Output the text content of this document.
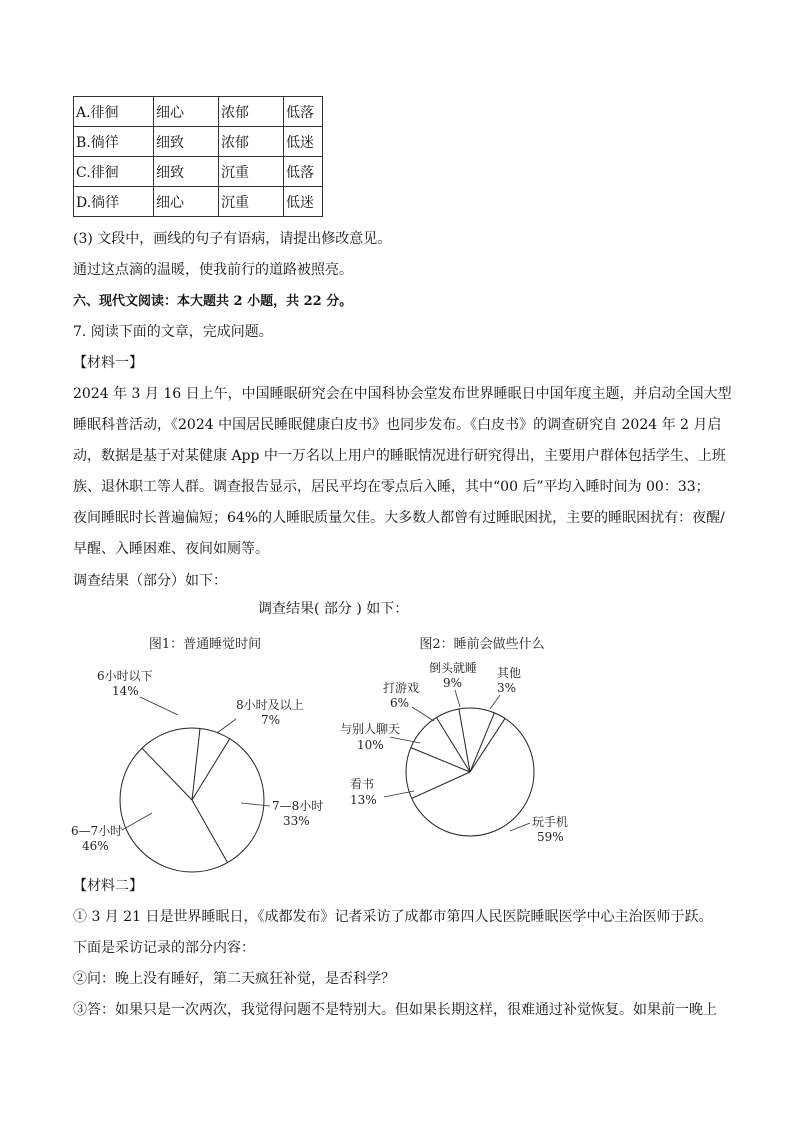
A.徘徊	细心	浓郁	低落
B.徜徉	细致	浓郁	低迷
C.徘徊	细致	沉重	低落
D.徜徉	细心	沉重	低迷
(3) 文段中，画线的句子有语病，请提出修改意见。
通过这点滴的温暖，使我前行的道路被照亮。
六、现代文阅读：本大题共 2 小题，共 22 分。
7. 阅读下面的文章，完成问题。
【材料一】
2024 年 3 月 16 日上午，中国睡眠研究会在中国科协会堂发布世界睡眠日中国年度主题，并启动全国大型
睡眠科普活动，《2024 中国居民睡眠健康白皮书》也同步发布。《白皮书》的调查研究自 2024 年 2 月启
动，数据是基于对某健康 App 中一万名以上用户的睡眠情况进行研究得出，主要用户群体包括学生、上班
族、退休职工等人群。调查报告显示，居民平均在零点后入睡，其中“00 后”平均入睡时间为 00：33；
夜间睡眠时长普遍偏短；64%的人睡眠质量欠佳。大多数人都曾有过睡眠困扰，主要的睡眠困扰有：夜醒/
早醒、入睡困难、夜间如厕等。
调查结果（部分）如下：
调查结果( 部分 ) 如下：
图1：普通睡觉时间
6小时以下
14%
8小时及以上
7%
7—8小时
33%
6—7小时
46%
图2：睡前会做些什么
倒头就睡
9%
其他
3%
玩手机
59%
看书
13%
与别人聊天
10%
打游戏
6%
【材料二】
① 3 月 21 日是世界睡眠日，《成都发布》记者采访了成都市第四人民医院睡眠医学中心主治医师于跃。
下面是采访记录的部分内容：
②问：晚上没有睡好，第二天疯狂补觉，是否科学？
③答：如果只是一次两次，我觉得问题不是特别大。但如果长期这样，很难通过补觉恢复。如果前一晚上
